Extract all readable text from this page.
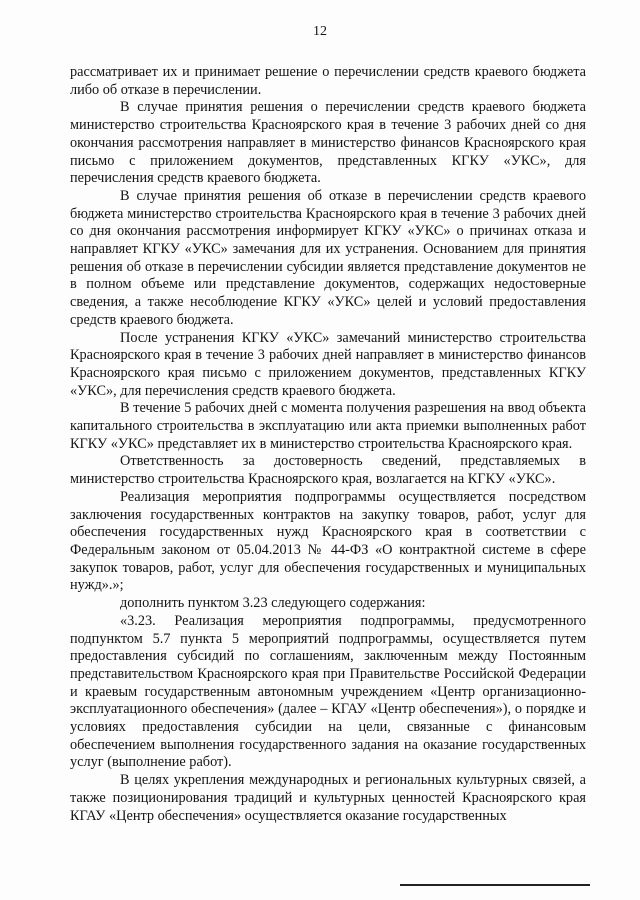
12

рассматривает их и принимает решение о перечислении средств краевого бюджета либо об отказе в перечислении.

В случае принятия решения о перечислении средств краевого бюджета министерство строительства Красноярского края в течение 3 рабочих дней со дня окончания рассмотрения направляет в министерство финансов Красноярского края письмо с приложением документов, представленных КГКУ «УКС», для перечисления средств краевого бюджета.

В случае принятия решения об отказе в перечислении средств краевого бюджета министерство строительства Красноярского края в течение 3 рабочих дней со дня окончания рассмотрения информирует КГКУ «УКС» о причинах отказа и направляет КГКУ «УКС» замечания для их устранения. Основанием для принятия решения об отказе в перечислении субсидии является представление документов не в полном объеме или представление документов, содержащих недостоверные сведения, а также несоблюдение КГКУ «УКС» целей и условий предоставления средств краевого бюджета.

После устранения КГКУ «УКС» замечаний министерство строительства Красноярского края в течение 3 рабочих дней направляет в министерство финансов Красноярского края письмо с приложением документов, представленных КГКУ «УКС», для перечисления средств краевого бюджета.

В течение 5 рабочих дней с момента получения разрешения на ввод объекта капитального строительства в эксплуатацию или акта приемки выполненных работ КГКУ «УКС» представляет их в министерство строительства Красноярского края.

Ответственность за достоверность сведений, представляемых в министерство строительства Красноярского края, возлагается на КГКУ «УКС».

Реализация мероприятия подпрограммы осуществляется посредством заключения государственных контрактов на закупку товаров, работ, услуг для обеспечения государственных нужд Красноярского края в соответствии с Федеральным законом от 05.04.2013 № 44-ФЗ «О контрактной системе в сфере закупок товаров, работ, услуг для обеспечения государственных и муниципальных нужд».»;

дополнить пунктом 3.23 следующего содержания:

«3.23. Реализация мероприятия подпрограммы, предусмотренного подпунктом 5.7 пункта 5 мероприятий подпрограммы, осуществляется путем предоставления субсидий по соглашениям, заключенным между Постоянным представительством Красноярского края при Правительстве Российской Федерации и краевым государственным автономным учреждением «Центр организационно-эксплуатационного обеспечения» (далее – КГАУ «Центр обеспечения»), о порядке и условиях предоставления субсидии на цели, связанные с финансовым обеспечением выполнения государственного задания на оказание государственных услуг (выполнение работ).

В целях укрепления международных и региональных культурных связей, а также позиционирования традиций и культурных ценностей Красноярского края КГАУ «Центр обеспечения» осуществляется оказание государственных
